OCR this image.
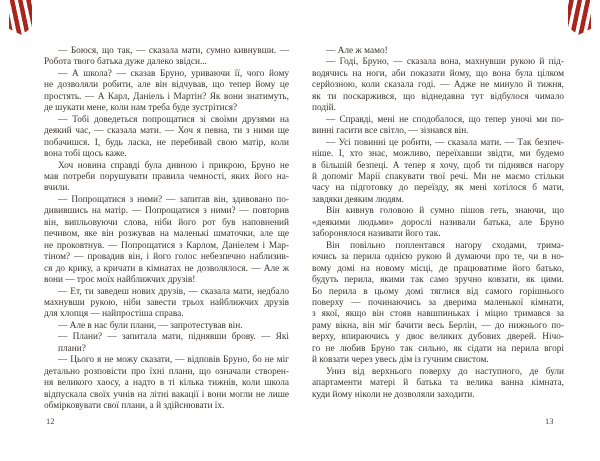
— Боюся, що так, — сказала мати, сумно кивнувши. —
Робота твого батька дуже далеко звідси...

— А школа? — сказав Бруно, уриваючи її, чого йому
не дозволяли робити, але він відчував, що тепер йому це
простять. — А Карл, Даніель і Мартін? Як вони знатимуть,
де шукати мене, коли нам треба буде зустрітися?

— Тобі доведеться попрощатися зі своїми друзями на
деякий час, — сказала мати. — Хоч я певна, ти з ними ще
побачишся. І, будь ласка, не перебивай свою матір, коли
вона тобі щось каже.

Хоч новина справді була дивною і прикрою, Бруно не
мав потреби порушувати правила чемності, яких його на-
вчили.

— Попрощатися з ними? — запитав він, здивовано по-
дивившись на матір. — Попрощатися з ними? — повторив
він, випльовуючи слова, ніби його рот був наповнений
печивом, яке він розжував на маленькі шматочки, але ще
не проковтнув. — Попрощатися з Карлом, Даніелем і Мар-
тіном? — провадив він, і його голос небезпечно наблизив-
ся до крику, а кричати в кімнатах не дозволялося. — Але ж
вони — троє моїх найближчих друзів!

— Ет, ти заведеш нових друзів, — сказала мати, недбало
махнувши рукою, ніби завести трьох найближчих друзів
для хлопця — найпростіша справа.

— Але в нас були плани, — запротестував він.

— Плани? — запитала мати, піднявши брову. — Які плани?

— Цього я не можу сказати, — відповів Бруно, бо не міг
детально розповісти про їхні плани, що означали створен-
ня великого хаосу, а надто в ті кілька тижнів, коли школа
відпускала своїх учнів на літні вакації і вони могли не лише
обмірковувати свої плани, а й здійснювати їх.

— Але ж мамо!

— Годі, Бруно, — сказала вона, махнувши рукою й під-
водячись на ноги, аби показати йому, що вона була цілком
серйозною, коли сказала годі. — Адже не минуло й тижня,
як ти поскаржився, що віднедавна тут відбулося чимало
подій.

— Справді, мені не сподобалося, що тепер уночі ми по-
винні гасити все світло, — зізнався він.

— Усі повинні це робити, — сказала мати. — Так безпеч-
ніше. І, хто знає, можливо, переїхавши звідти, ми будемо
в більшій безпеці. А тепер я хочу, щоб ти піднявся нагору
й допоміг Марії спакувати твої речі. Ми не маємо стільки
часу на підготовку до переїзду, як мені хотілося б мати,
завдяки деяким людям.

Він кивнув головою й сумно пішов геть, знаючи, що
«деякими людьми» дорослі називали батька, але Бруно
заборонялося називати його так.

Він повільно поплентався нагору сходами, трима-
ючись за перила однією рукою й думаючи про те, чи в но-
вому домі на новому місці, де працюватиме його батько,
будуть перила, якими так само зручно ковзати, як цими.
Бо перила в цьому домі тяглися від самого горішнього
поверху — починаючись за дверима маленької кімнати,
з якої, якщо він стояв навшпиньках і міцно тримався за
раму вікна, він міг бачити весь Берлін, — до нижнього по-
верху, впираючись у двоє великих дубових дверей. Нічо-
го не любив Бруно так сильно, як сідати на перила вгорі
й ковзати через увесь дім із гучним свистом.

Униз від верхнього поверху до наступного, де були
апартаменти матері й батька та велика ванна кімната,
куди йому ніколи не дозволяли заходити.

12	13
